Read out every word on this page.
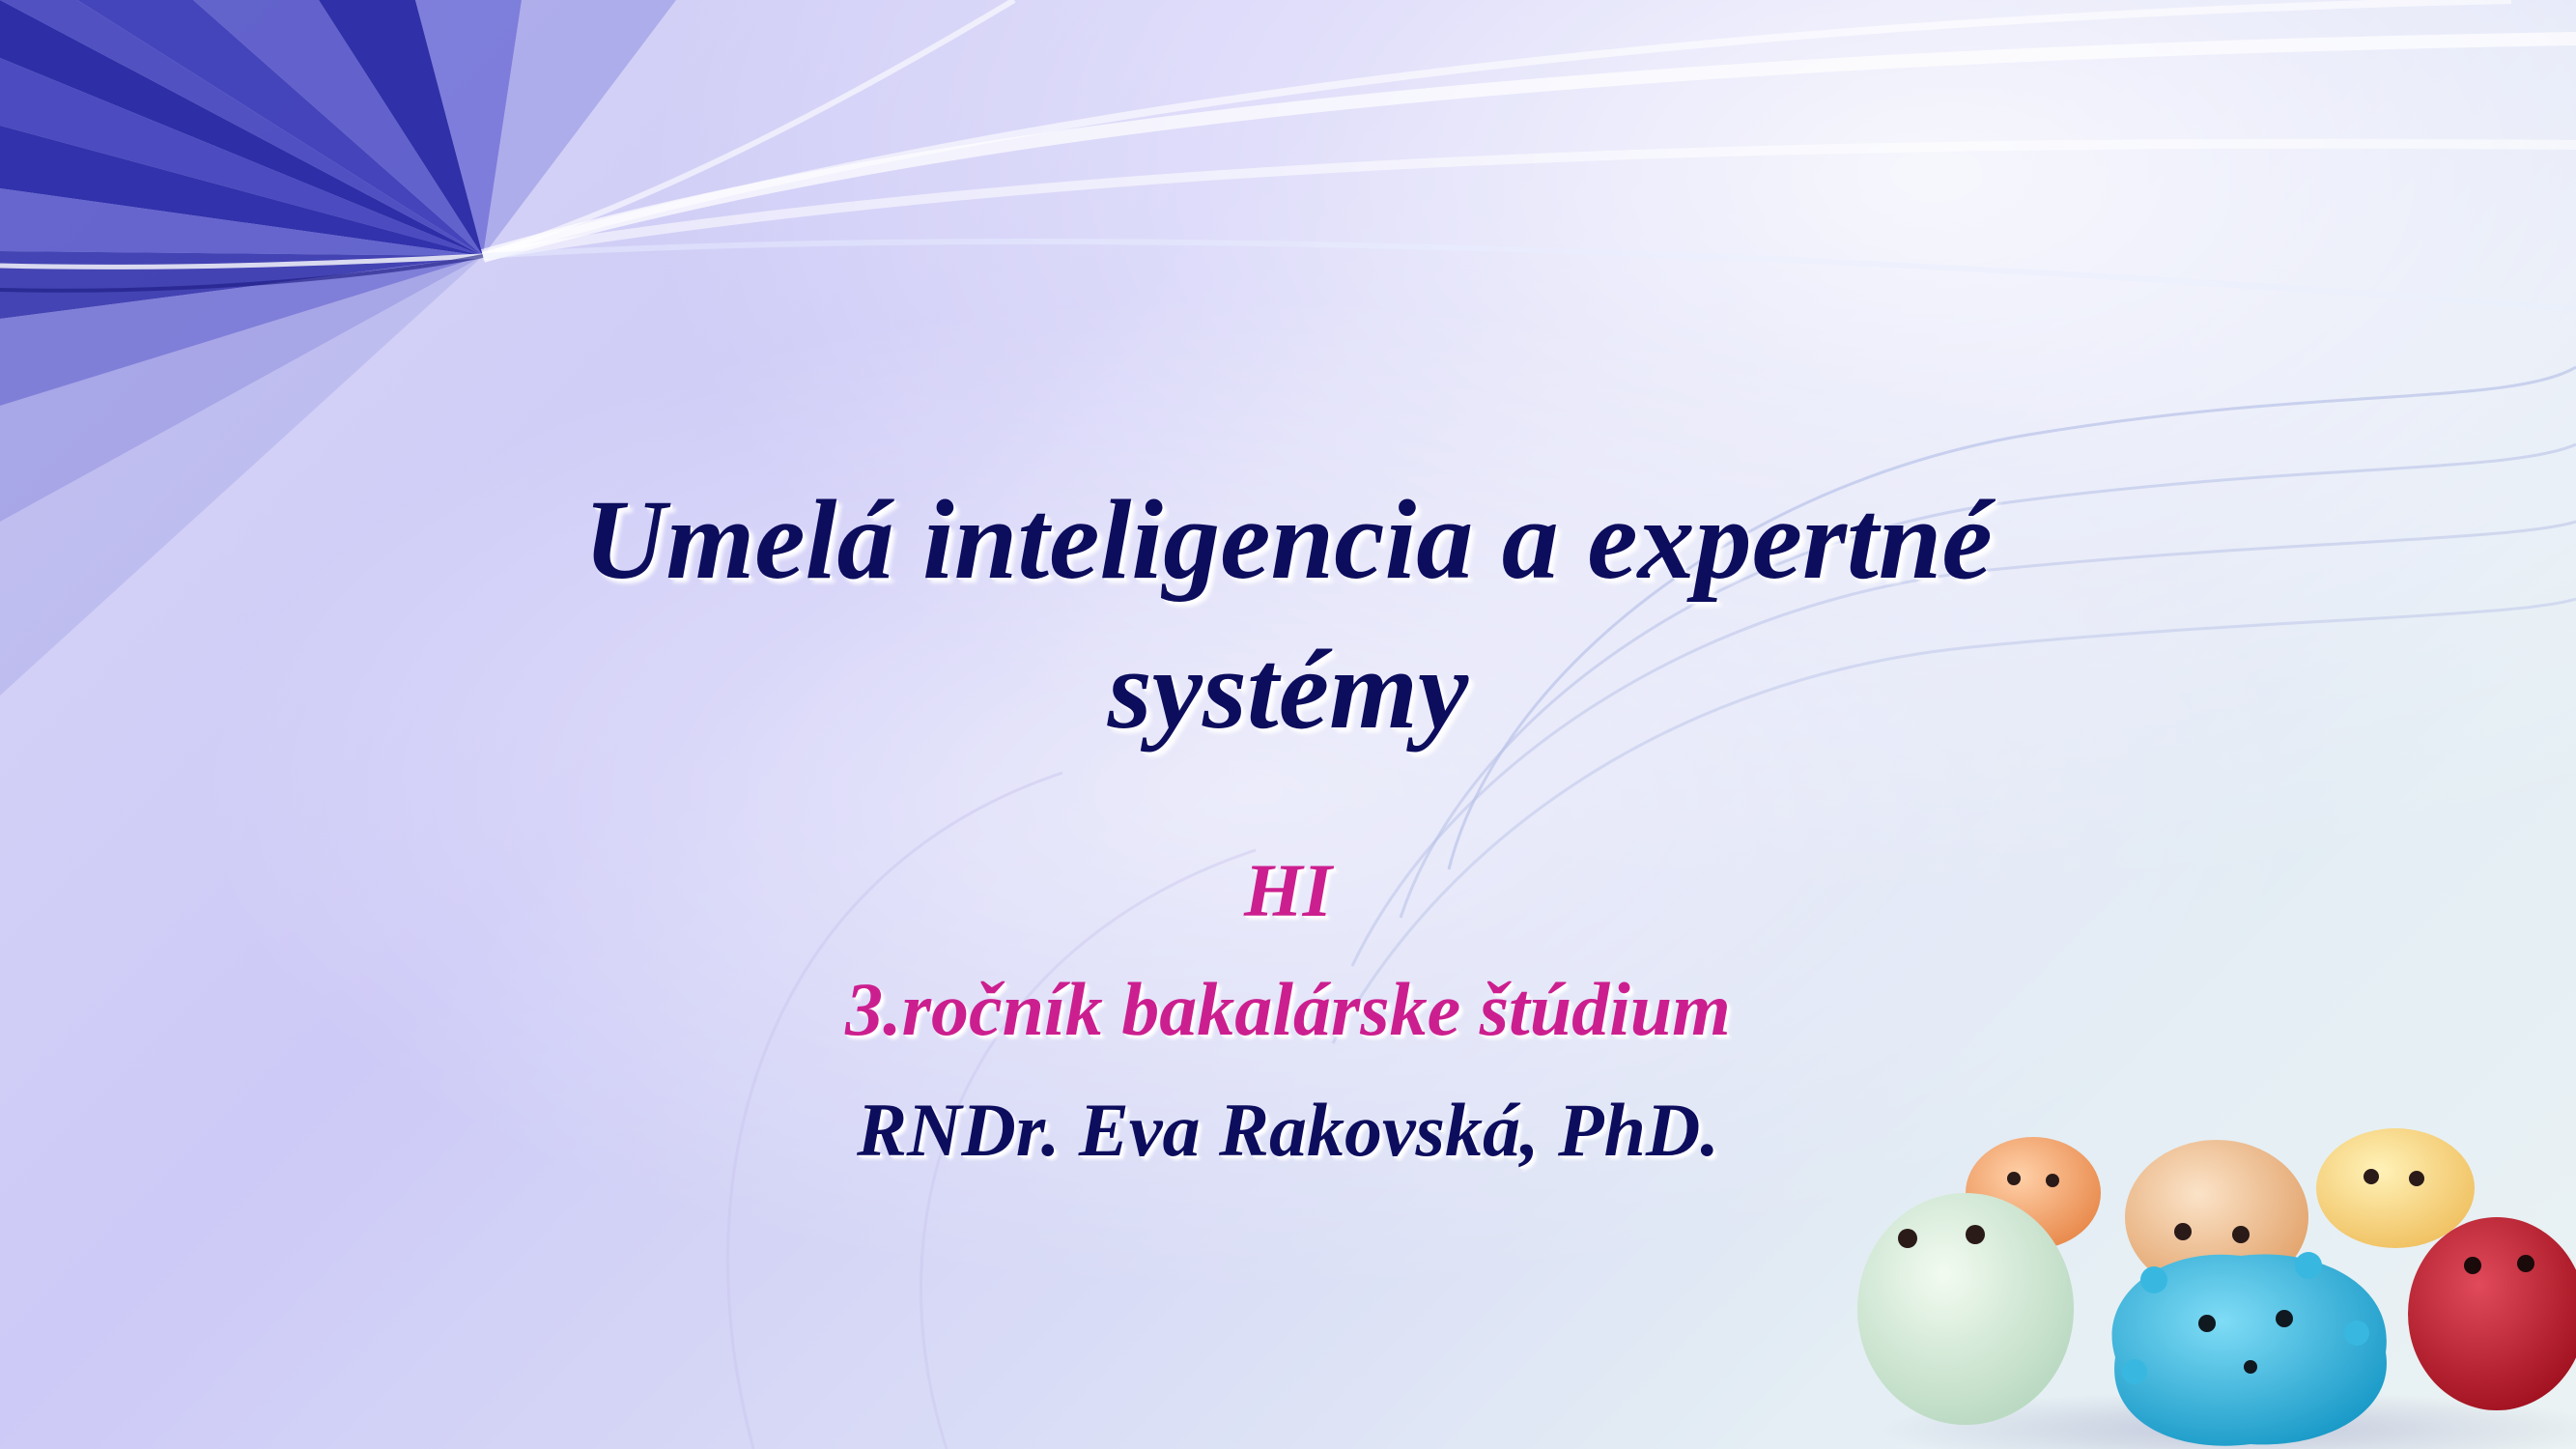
Umelá inteligencia a expertné
systémy
HI
3.ročník bakalárske štúdium
RNDr. Eva Rakovská, PhD.
